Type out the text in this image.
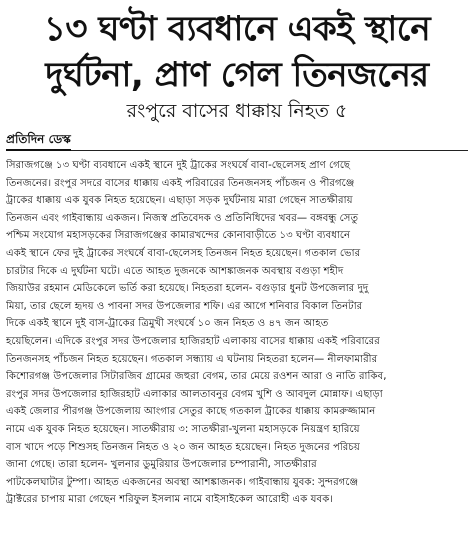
১৩ ঘণ্টা ব্যবধানে একই স্থানে
দুর্ঘটনা, প্রাণ গেল তিনজনের
রংপুরে বাসের ধাক্কায় নিহত ৫
প্রতিদিন ডেস্ক
সিরাজগঞ্জে ১৩ ঘণ্টা ব্যবধানে একই স্থানে দুই ট্রাকের সংঘর্ষে বাবা-ছেলেসহ প্রাণ গেছে
তিনজনের। রংপুর সদরে বাসের ধাক্কায় একই পরিবারের তিনজনসহ পাঁচজন ও পীরগঞ্জে
ট্রাকের ধাক্কায় এক যুবক নিহত হয়েছেন। এছাড়া সড়ক দুর্ঘটনায় মারা গেছেন সাতক্ষীরায়
তিনজন এবং গাইবান্ধায় একজন। নিজস্ব প্রতিবেদক ও প্রতিনিধিদের খবর— বঙ্গবন্ধু সেতু
পশ্চিম সংযোগ মহাসড়কের সিরাজগঞ্জের কামারখন্দের কোনাবাড়ীতে ১৩ ঘণ্টা ব্যবধানে
একই স্থানে ফের দুই ট্রাকের সংঘর্ষে বাবা-ছেলেসহ তিনজন নিহত হয়েছেন। গতকাল ভোর
চারটার দিকে এ দুর্ঘটনা ঘটে। এতে আহত দুজনকে আশঙ্কাজনক অবস্থায় বগুড়া শহীদ
জিয়াউর রহমান মেডিকেলে ভর্তি করা হয়েছে। নিহতরা হলেন- বগুড়ার ধুনট উপজেলার দুদু
মিয়া, তার ছেলে হৃদয় ও পাবনা সদর উপজেলার শফি। এর আগে শনিবার বিকাল তিনটার
দিকে একই স্থানে দুই বাস-ট্রাকের ত্রিমুখী সংঘর্ষে ১০ জন নিহত ও ৪৭ জন আহত
হয়েছিলেন। এদিকে রংপুর সদর উপজেলার হাজিরহাট এলাকায় বাসের ধাক্কায় একই পরিবারের
তিনজনসহ পাঁচজন নিহত হয়েছেন। গতকাল সন্ধ্যায় এ ঘটনায় নিহতরা হলেন— নীলফামারীর
কিশোরগঞ্জ উপজেলার সিটারজিব গ্রামের জহুরা বেগম, তার মেয়ে রওশন আরা ও নাতি রাকিব,
রংপুর সদর উপজেলার হাজিরহাট এলাকার আলতাবনুর বেগম খুশি ও আবদুল মোন্নাফ। এছাড়া
একই জেলার পীরগঞ্জ উপজেলায় আংগার সেতুর কাছে গতকাল ট্রাকের ধাক্কায় কামরুজ্জামান
নামে এক যুবক নিহত হয়েছেন। সাতক্ষীরায় ৩: সাতক্ষীরা-খুলনা মহাসড়কে নিয়ন্ত্রণ হারিয়ে
বাস খাদে পড়ে শিশুসহ তিনজন নিহত ও ২০ জন আহত হয়েছেন। নিহত দুজনের পরিচয়
জানা গেছে। তারা হলেন- খুলনার ডুমুরিয়ার উপজেলার চম্পারানী, সাতক্ষীরার
পাটকেলঘাটার টুম্পা। আহত একজনের অবস্থা আশঙ্কাজনক। গাইবান্ধায় যুবক: সুন্দরগঞ্জে
ট্রাক্টরের চাপায় মারা গেছেন শরিফুল ইসলাম নামে বাইসাইকেল আরোহী এক যবক।
